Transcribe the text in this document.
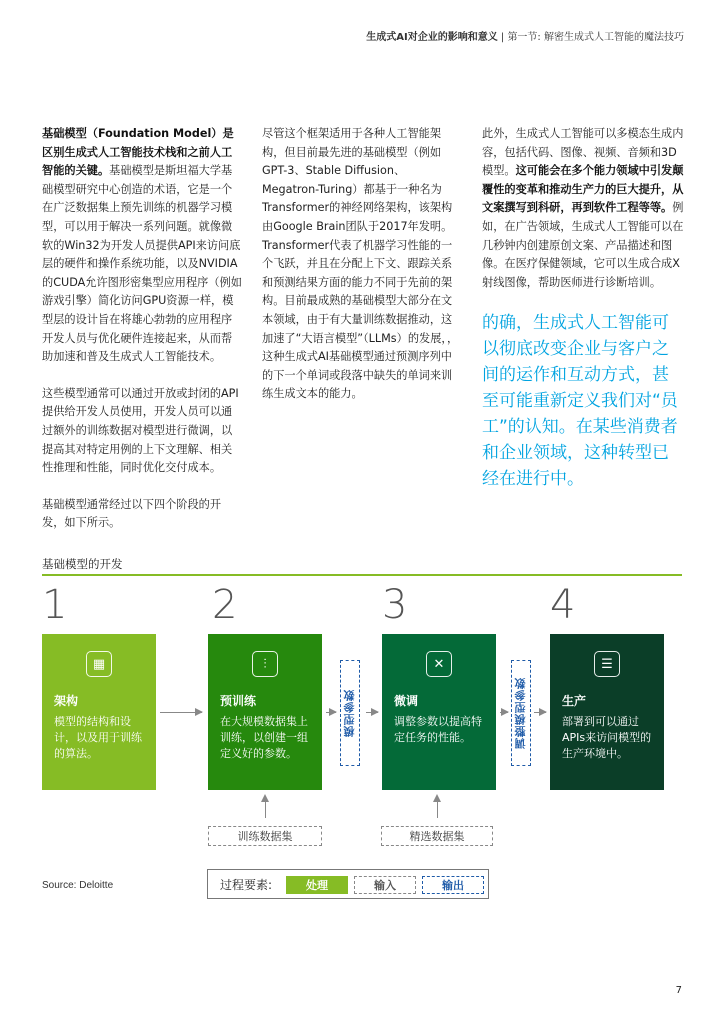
生成式AI对企业的影响和意义 | 第一节: 解密生成式人工智能的魔法技巧

基础模型（Foundation Model）是区别生成式人工智能技术栈和之前人工智能的关键。基础模型是斯坦福大学基础模型研究中心创造的术语，它是一个在广泛数据集上预先训练的机器学习模型，可以用于解决一系列问题。就像微软的Win32为开发人员提供API来访问底层的硬件和操作系统功能，以及NVIDIA的CUDA允许图形密集型应用程序（例如游戏引擎）简化访问GPU资源一样，模型层的设计旨在将雄心勃勃的应用程序开发人员与优化硬件连接起来，从而帮助加速和普及生成式人工智能技术。

这些模型通常可以通过开放或封闭的API提供给开发人员使用，开发人员可以通过额外的训练数据对模型进行微调，以提高其对特定用例的上下文理解、相关性推理和性能，同时优化交付成本。

基础模型通常经过以下四个阶段的开发，如下所示。

尽管这个框架适用于各种人工智能架构，但目前最先进的基础模型（例如GPT-3、Stable Diffusion、Megatron-Turing）都基于一种名为Transformer的神经网络架构，该架构由Google Brain团队于2017年发明。Transformer代表了机器学习性能的一个飞跃，并且在分配上下文、跟踪关系和预测结果方面的能力不同于先前的架构。目前最成熟的基础模型大部分在文本领域，由于有大量训练数据推动，这加速了“大语言模型”（LLMs）的发展，，这种生成式AI基础模型通过预测序列中的下一个单词或段落中缺失的单词来训练生成文本的能力。

此外，生成式人工智能可以多模态生成内容，包括代码、图像、视频、音频和3D模型。这可能会在多个能力领域中引发颠覆性的变革和推动生产力的巨大提升，从文案撰写到科研，再到软件工程等等。例如，在广告领域，生成式人工智能可以在几秒钟内创建原创文案、产品描述和图像。在医疗保健领域，它可以生成合成X射线图像，帮助医师进行诊断培训。

的确，生成式人工智能可以彻底改变企业与客户之间的运作和互动方式，甚至可能重新定义我们对“员工”的认知。在某些消费者和企业领域，这种转型已经在进行中。
基础模型的开发
1	2	3	4
▦
架构
模型的结构和设计，以及用于训练的算法。
⫶
预训练
在大规模数据集上训练，以创建一组定义好的参数。
✕
微调
调整参数以提高特定任务的性能。
☰
生产
部署到可以通过APIs来访问模型的生产环境中。
模型参数	调整模型参数
训练数据集	精选数据集
Source: Deloitte	过程要素:	处理	输入	输出
7
